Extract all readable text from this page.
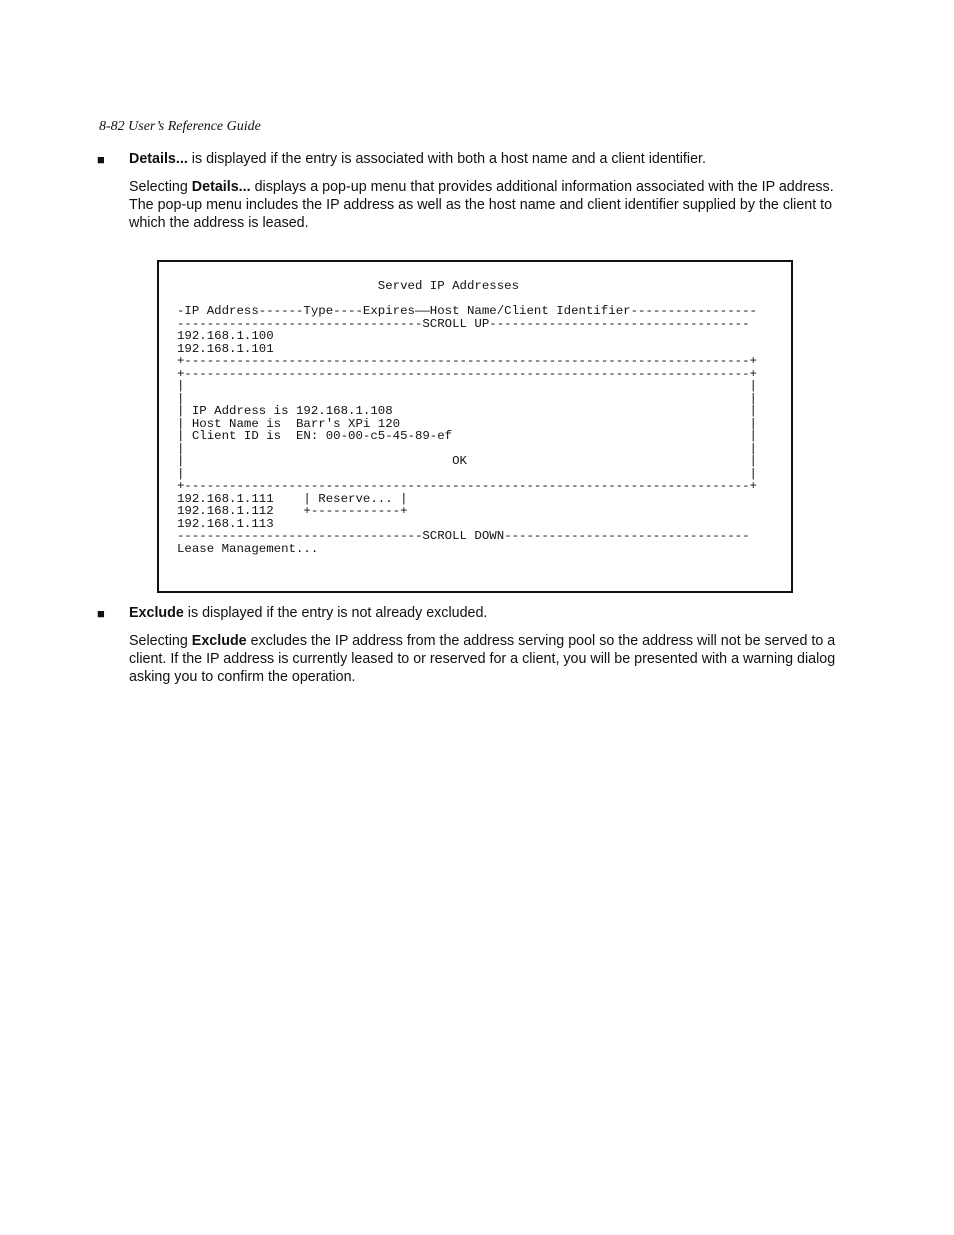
8-82 User’s Reference Guide
■ Details... is displayed if the entry is associated with both a host name and a client identifier.

Selecting Details... displays a pop-up menu that provides additional information associated with the IP address. The pop-up menu includes the IP address as well as the host name and client identifier supplied by the client to which the address is leased.

Served IP Addresses

-IP Address------Type----Expires——Host Name/Client Identifier-----------------
---------------------------------SCROLL UP-----------------------------------
192.168.1.100
192.168.1.101
+----------------------------------------------------------------------------+
+----------------------------------------------------------------------------+
|                                                                            |
|                                                                            |
| IP Address is 192.168.1.108                                                |
| Host Name is  Barr's XPi 120                                               |
| Client ID is  EN: 00-00-c5-45-89-ef                                        |
|                                                                            |
|                                    OK                                      |
|                                                                            |
+----------------------------------------------------------------------------+
192.168.1.111    | Reserve... |
192.168.1.112    +------------+
192.168.1.113
---------------------------------SCROLL DOWN---------------------------------
Lease Management...
■ Exclude is displayed if the entry is not already excluded.

Selecting Exclude excludes the IP address from the address serving pool so the address will not be served to a client. If the IP address is currently leased to or reserved for a client, you will be presented with a warning dialog asking you to confirm the operation.
